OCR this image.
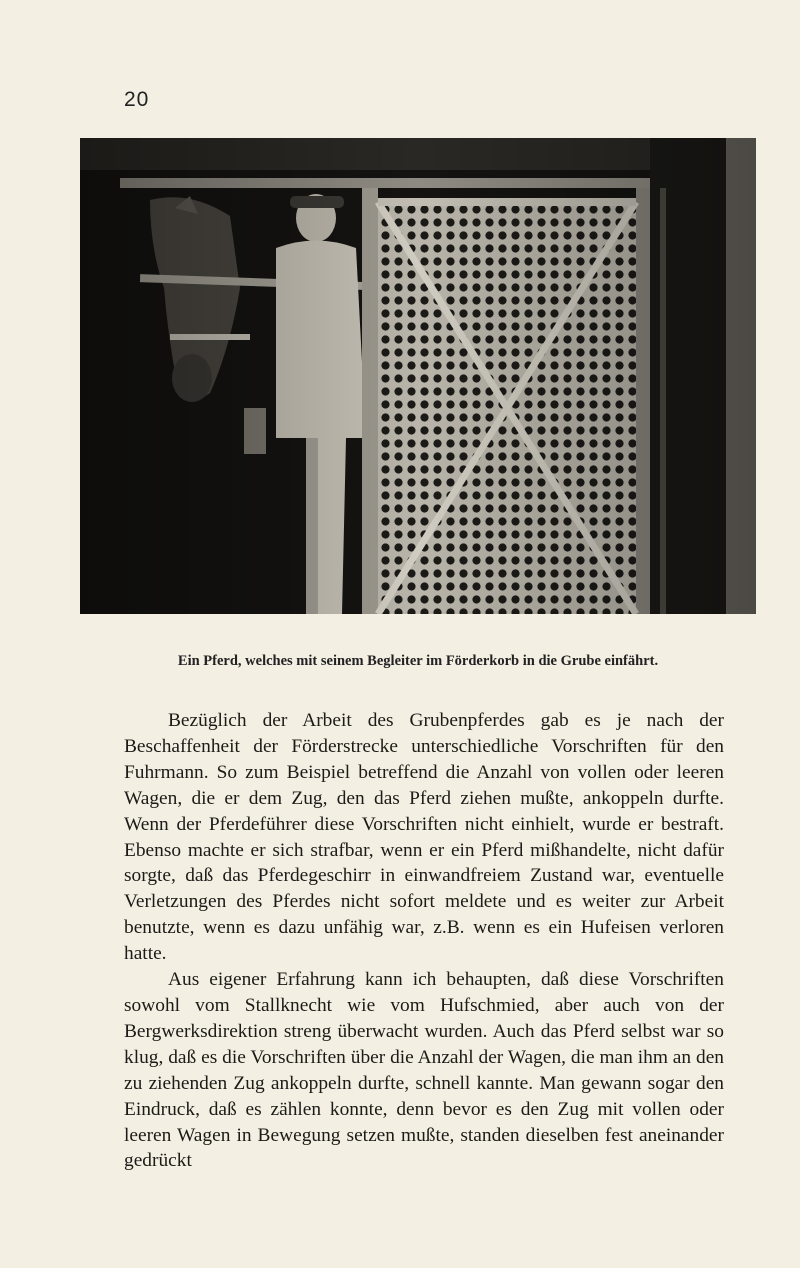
20
Ein Pferd, welches mit seinem Begleiter im Förderkorb in die Grube einfährt.

Bezüglich der Arbeit des Grubenpferdes gab es je nach der Beschaffenheit der Förderstrecke unterschiedliche Vorschriften für den Fuhrmann. So zum Beispiel betreffend die Anzahl von vollen oder leeren Wagen, die er dem Zug, den das Pferd ziehen mußte, ankoppeln durfte. Wenn der Pferdeführer diese Vorschriften nicht einhielt, wurde er bestraft. Ebenso machte er sich strafbar, wenn er ein Pferd mißhandelte, nicht dafür sorgte, daß das Pferdegeschirr in einwandfreiem Zustand war, eventuelle Verletzungen des Pferdes nicht sofort meldete und es weiter zur Arbeit benutzte, wenn es dazu unfähig war, z.B. wenn es ein Hufeisen verloren hatte.

Aus eigener Erfahrung kann ich behaupten, daß diese Vorschriften sowohl vom Stallknecht wie vom Hufschmied, aber auch von der Bergwerksdirektion streng überwacht wurden. Auch das Pferd selbst war so klug, daß es die Vorschriften über die Anzahl der Wagen, die man ihm an den zu ziehenden Zug ankoppeln durfte, schnell kannte. Man gewann sogar den Eindruck, daß es zählen konnte, denn bevor es den Zug mit vollen oder leeren Wagen in Bewegung setzen mußte, standen dieselben fest aneinander gedrückt
